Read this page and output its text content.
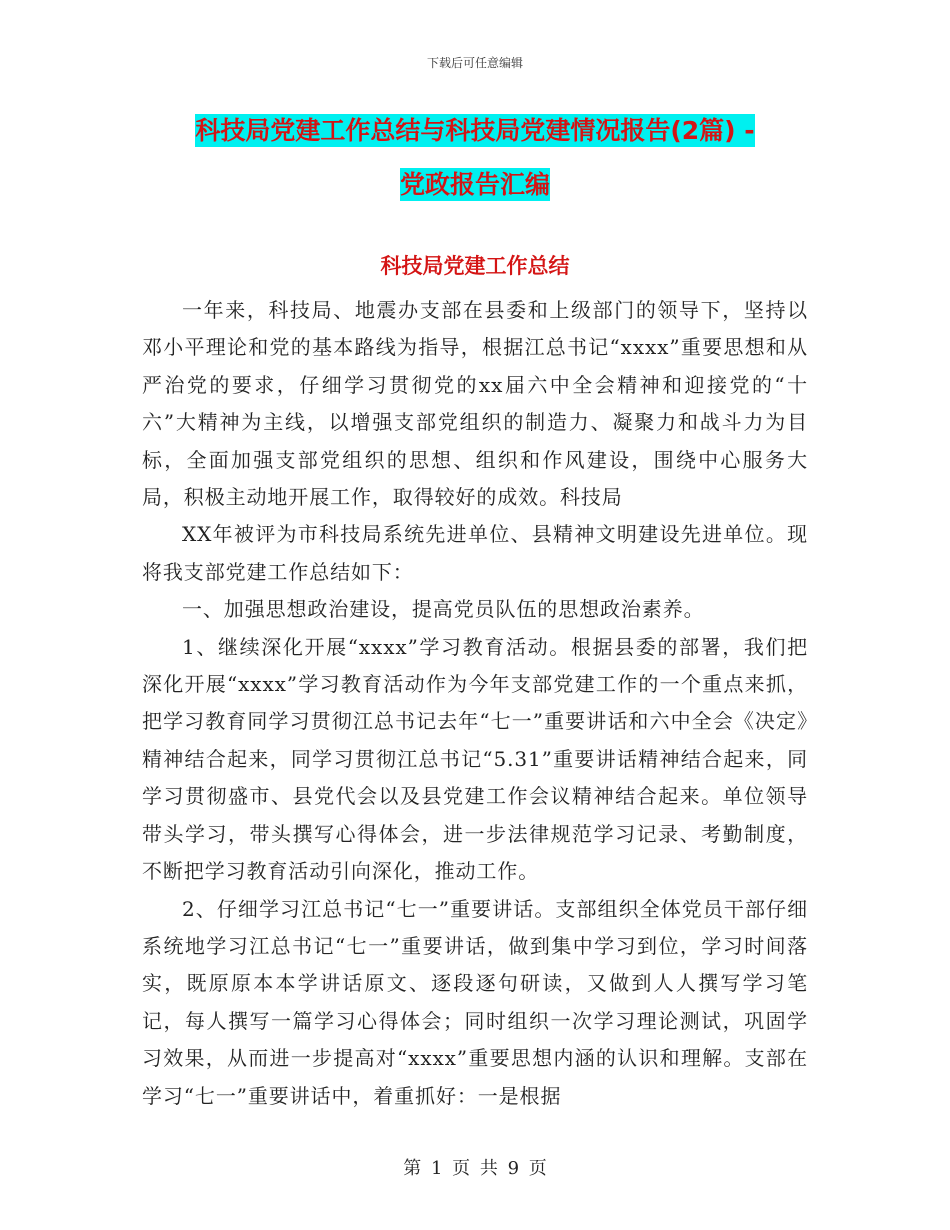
下载后可任意编辑
科技局党建工作总结与科技局党建情况报告(2篇) -
党政报告汇编
科技局党建工作总结

一年来，科技局、地震办支部在县委和上级部门的领导下，坚持以邓小平理论和党的基本路线为指导，根据江总书记“xxxx”重要思想和从严治党的要求，仔细学习贯彻党的xx届六中全会精神和迎接党的“十六”大精神为主线，以增强支部党组织的制造力、凝聚力和战斗力为目标，全面加强支部党组织的思想、组织和作风建设，围绕中心服务大局，积极主动地开展工作，取得较好的成效。科技局

XX年被评为市科技局系统先进单位、县精神文明建设先进单位。现将我支部党建工作总结如下：

一、加强思想政治建设，提高党员队伍的思想政治素养。

1、继续深化开展“xxxx”学习教育活动。根据县委的部署，我们把深化开展“xxxx”学习教育活动作为今年支部党建工作的一个重点来抓，把学习教育同学习贯彻江总书记去年“七一”重要讲话和六中全会《决定》精神结合起来，同学习贯彻江总书记“5.31”重要讲话精神结合起来，同学习贯彻盛市、县党代会以及县党建工作会议精神结合起来。单位领导带头学习，带头撰写心得体会，进一步法律规范学习记录、考勤制度，不断把学习教育活动引向深化，推动工作。

2、仔细学习江总书记“七一”重要讲话。支部组织全体党员干部仔细系统地学习江总书记“七一”重要讲话，做到集中学习到位，学习时间落实，既原原本本学讲话原文、逐段逐句研读，又做到人人撰写学习笔记，每人撰写一篇学习心得体会；同时组织一次学习理论测试，巩固学习效果，从而进一步提高对“xxxx”重要思想内涵的认识和理解。支部在学习“七一”重要讲话中，着重抓好：一是根据

第 1 页 共 9 页
